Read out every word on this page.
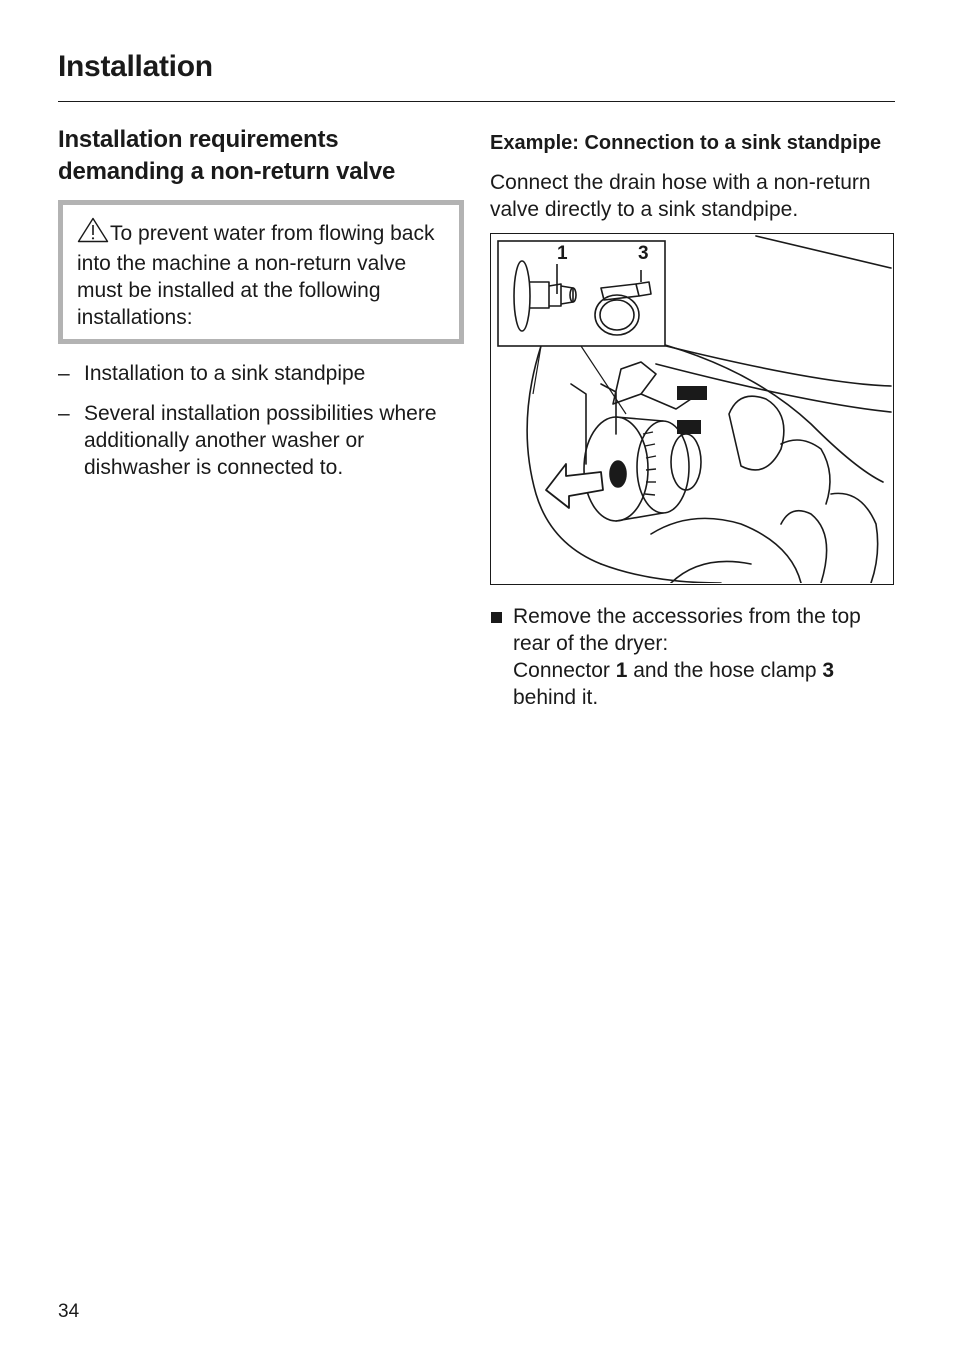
Installation
Installation requirements demanding a non-return valve
To prevent water from flowing back into the machine a non-return valve must be installed at the following installations:
– Installation to a sink standpipe
– Several installation possibilities where additionally another washer or dishwasher is connected to.
Example: Connection to a sink standpipe

Connect the drain hose with a non-return valve directly to a sink standpipe.

1	3
Remove the accessories from the top rear of the dryer:
Connector 1 and the hose clamp 3 behind it.
34
